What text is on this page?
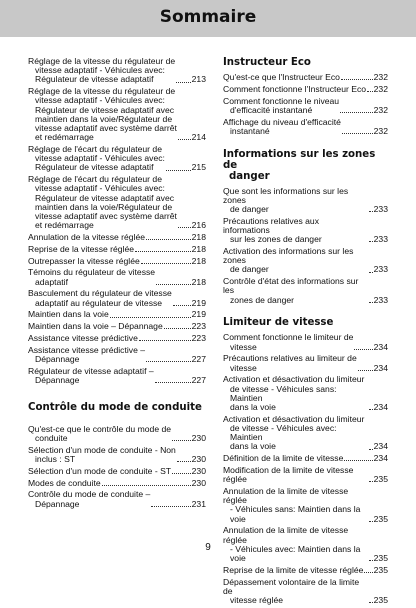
Sommaire
Réglage de la vitesse du régulateur de
vitesse adaptatif - Véhicules avec:
Régulateur de vitesse adaptatif	213
Réglage de la vitesse du régulateur de
vitesse adaptatif - Véhicules avec:
Régulateur de vitesse adaptatif avec
maintien dans la voie/Régulateur de
vitesse adaptatif avec système darrêt
et redémarrage	214
Réglage de l'écart du régulateur de
vitesse adaptatif - Véhicules avec:
Régulateur de vitesse adaptatif	215
Réglage de l'écart du régulateur de
vitesse adaptatif - Véhicules avec:
Régulateur de vitesse adaptatif avec
maintien dans la voie/Régulateur de
vitesse adaptatif avec système darrêt
et redémarrage	216
Annulation de la vitesse réglée	218
Reprise de la vitesse réglée	218
Outrepasser la vitesse réglée	218
Témoins du régulateur de vitesse
adaptatif	218
Basculement du régulateur de vitesse
adaptatif au régulateur de vitesse	219
Maintien dans la voie	219
Maintien dans la voie – Dépannage	223
Assistance vitesse prédictive	223
Assistance vitesse prédictive –
Dépannage	227
Régulateur de vitesse adaptatif –
Dépannage	227
Contrôle du mode de conduite
Qu'est-ce que le contrôle du mode de
conduite	230
Sélection d'un mode de conduite - Non
inclus : ST	230
Sélection d'un mode de conduite - ST 230
Modes de conduite	230
Contrôle du mode de conduite –
Dépannage	231
Instructeur Eco
Qu'est-ce que l'Instructeur Eco	232
Comment fonctionne l'Instructeur Eco 232
Comment fonctionne le niveau
d'efficacité instantané	232
Affichage du niveau d'efficacité
instantané	232
Informations sur les zones de
danger
Que sont les informations sur les zones
de danger	233
Précautions relatives aux informations
sur les zones de danger	233
Activation des informations sur les zones
de danger	233
Contrôle d'état des informations sur les
zones de danger	233
Limiteur de vitesse
Comment fonctionne le limiteur de
vitesse	234
Précautions relatives au limiteur de
vitesse	234
Activation et désactivation du limiteur
de vitesse - Véhicules sans: Maintien
dans la voie	234
Activation et désactivation du limiteur
de vitesse - Véhicules avec: Maintien
dans la voie	234
Définition de la limite de vitesse	234
Modification de la limite de vitesse réglée	235
Annulation de la limite de vitesse réglée
- Véhicules sans: Maintien dans la voie	235
Annulation de la limite de vitesse réglée
- Véhicules avec: Maintien dans la voie	235
Reprise de la limite de vitesse réglée 235
Dépassement volontaire de la limite de
vitesse réglée	235
9
